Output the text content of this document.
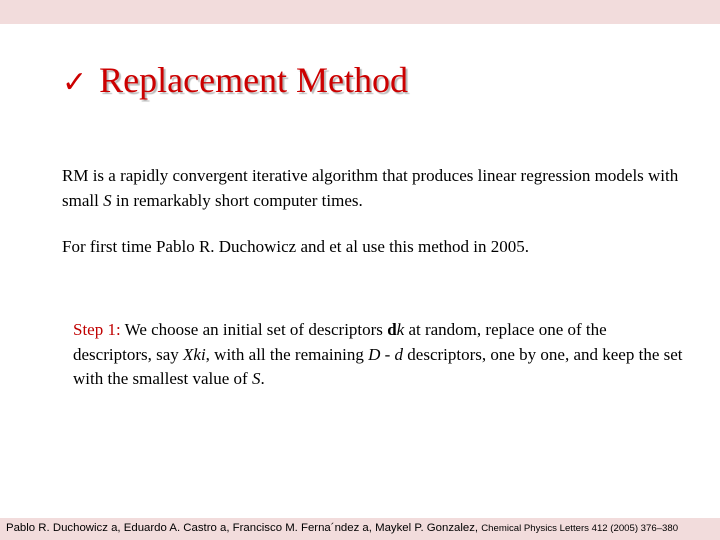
✓ Replacement Method

RM is a rapidly convergent iterative algorithm that produces linear regression models with small S in remarkably short computer times.

For first time Pablo R. Duchowicz and et al use this method in 2005.

Step 1: We choose an initial set of descriptors dk at random, replace one of the descriptors, say Xki, with all the remaining D - d descriptors, one by one, and keep the set with the smallest value of S.

Pablo R. Duchowicz a, Eduardo A. Castro a, Francisco M. Ferna´ndez a, Maykel P. Gonzalez, Chemical Physics Letters 412 (2005) 376–380
